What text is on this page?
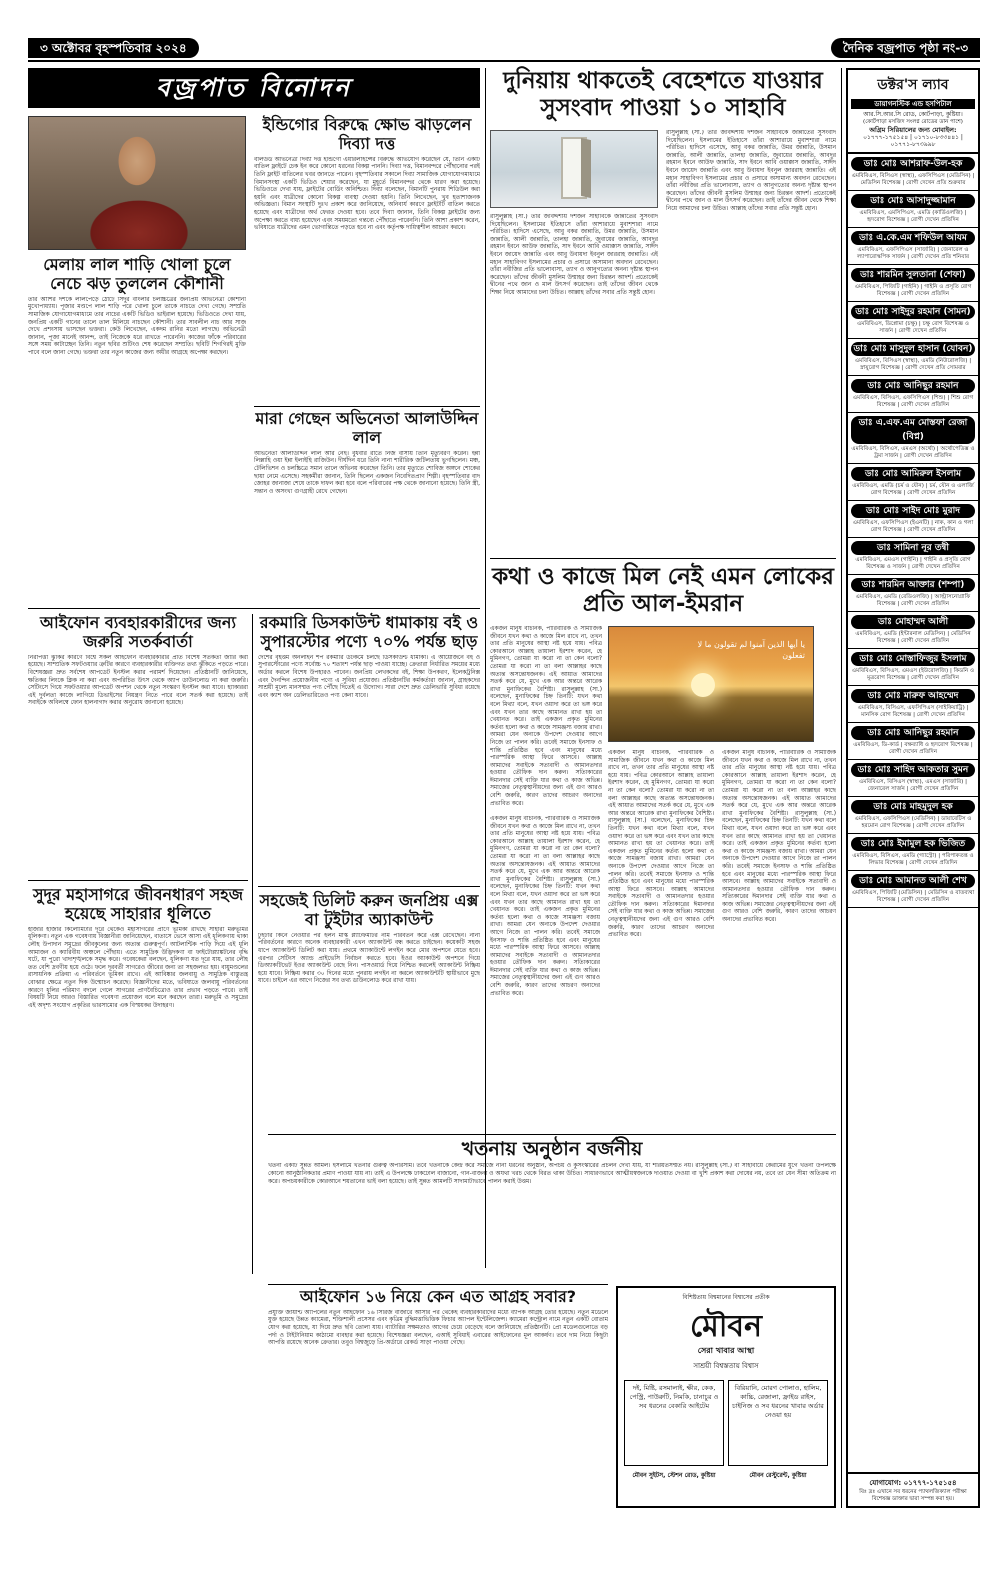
৩ অক্টোবর বৃহস্পতিবার ২০২৪	দৈনিক বজ্রপাত পৃষ্ঠা নং-৩
বজ্রপাত বিনোদন
ইন্ডিগোর বিরুদ্ধে ক্ষোভ ঝাড়লেন দিব্যা দত্ত
বলিউড অভিনেত্রী দিব্যা দত্ত ইন্ডিগো এয়ারলাইন্সের বিরুদ্ধে অভিযোগ করেছেন যে, তিনি একটি বাতিল ফ্লাইটে চেক ইন করে কোনো ধরনের বিকল্প পাননি। দিব্যা দত্ত, বিমানবন্দরে পৌঁছানোর পরই তিনি ফ্লাইট বাতিলের খবর জানতে পারেন। বৃহস্পতিবার সকালে দিব্যা সামাজিক যোগাযোগমাধ্যমে বিমানসংস্থা একটি ভিডিও শেয়ার করেছেন, যা মুহূর্তে বিমানবন্দর থেকে ধারণ করা হয়েছে। ভিডিওতে দেখা যায়, ফ্লাইটের বোর্ডিং অনিশ্চিত। দিব্যা বলেছেন, বিমানটি পুনরায় শিডিউল করা হয়নি এবং যাত্রীদের কোনো বিকল্প ব্যবস্থা দেওয়া হয়নি। তিনি লিখেছেন, খুব হতাশাজনক অভিজ্ঞতা। বিমান সংস্থাটি দুঃখ প্রকাশ করে জানিয়েছে, অনিবার্য কারণে ফ্লাইটটি বাতিল করতে হয়েছে এবং যাত্রীদের অর্থ ফেরত দেওয়া হবে। তবে দিব্যা জানান, তিনি বিকল্প ফ্লাইটের জন্য অপেক্ষা করতে বাধ্য হয়েছেন এবং সময়মতো গন্তব্যে পৌঁছাতে পারেননি। তিনি আশা প্রকাশ করেন, ভবিষ্যতে যাত্রীদের এমন ভোগান্তিতে পড়তে হবে না এবং কর্তৃপক্ষ দায়িত্বশীল আচরণ করবে।
মেলায় লাল শাড়ি খোলা চুলে নেচে ঝড় তুললেন কৌশানী
তার আশির দশকে লালপেড়ে ঠোঁটে সিঁদুর বাংলার চলচ্চিত্রের জনপ্রিয় অভিনেত্রী কৌশানী মুখোপাধ্যায়। পূজার মণ্ডপে লাল শাড়ি পরে খোলা চুলে তাকে নাচতে দেখা গেছে। সম্প্রতি সামাজিক যোগাযোগমাধ্যমে তার নাচের একটি ভিডিও ভাইরাল হয়েছে। ভিডিওতে দেখা যায়, জনপ্রিয় একটি গানের তালে তাল মিলিয়ে নাচছেন কৌশানী। তার সাবলীল নাচ আর সাজ দেখে প্রশংসায় ভাসছেন ভক্তরা। কেউ লিখেছেন, একদম রানির মতো লাগছে। অভিনেত্রী জানান, পূজা মানেই আনন্দ, তাই নিজেকে ধরে রাখতে পারেননি। কাজের ফাঁকে পরিবারের সঙ্গে সময় কাটাচ্ছেন তিনি। নতুন ছবির শুটিংও শেষ করেছেন সম্প্রতি। ছবিটি শিগগিরই মুক্তি পাবে বলে জানা গেছে। ভক্তরা তার নতুন কাজের জন্য অধীর আগ্রহে অপেক্ষা করছেন।
মারা গেছেন অভিনেতা আলাউদ্দিন লাল
অভিনেতা আলাউদ্দিন লাল আর নেই। বুধবার রাতে নিজ বাসায় তিনি মৃত্যুবরণ করেন। ইন্না লিল্লাহি ওয়া ইন্না ইলাইহি রাজিউন। দীর্ঘদিন ধরে তিনি নানা শারীরিক জটিলতায় ভুগছিলেন। মঞ্চ, টেলিভিশন ও চলচ্চিত্রে সমান তালে অভিনয় করেছেন তিনি। তার মৃত্যুতে শোবিজ অঙ্গনে শোকের ছায়া নেমে এসেছে। সহকর্মীরা জানান, তিনি ছিলেন একজন নিবেদিতপ্রাণ শিল্পী। বৃহস্পতিবার বাদ জোহর জানাজা শেষে তাকে দাফন করা হবে বলে পরিবারের পক্ষ থেকে জানানো হয়েছে। তিনি স্ত্রী, সন্তান ও অসংখ্য গুণগ্রাহী রেখে গেছেন।
আইফোন ব্যবহারকারীদের জন্য জরুরি সতর্কবার্তা
নিরাপত্তা ঝুঁকির কারণে বিশ্বে সকল আইফোন ব্যবহারকারীর প্রতি বিশেষ সতর্কতা জারি করা হয়েছে। সাম্প্রতিক সফটওয়্যার ত্রুটির কারণে ব্যবহারকারীর ব্যক্তিগত তথ্য ঝুঁকিতে পড়তে পারে। বিশেষজ্ঞরা দ্রুত সর্বশেষ আপডেট ইনস্টল করার পরামর্শ দিয়েছেন। প্রতিষ্ঠানটি জানিয়েছে, ক্ষতিকর লিংকে ক্লিক না করা এবং অপরিচিত উৎস থেকে অ্যাপ ডাউনলোড না করা জরুরি। সেটিংসে গিয়ে সফটওয়্যার আপডেট অপশন থেকে নতুন সংস্করণ ইনস্টল করা যাবে। হ্যাকাররা এই দুর্বলতা কাজে লাগিয়ে ডিভাইসের নিয়ন্ত্রণ নিতে পারে বলে সতর্ক করা হয়েছে। তাই সবাইকে অবিলম্বে ফোন হালনাগাদ করার অনুরোধ জানানো হয়েছে।
রকমারি ডিসকাউন্ট ধামাকায় বই ও সুপারস্টোর পণ্যে ৭০% পর্যন্ত ছাড়
দেশের বৃহত্তম অনলাইন শপ রকমারি ডটকমে চলছে ডিসকাউন্ট ধামাকা। এ আয়োজনে বই ও সুপারস্টোরের পণ্যে সর্বোচ্চ ৭০ শতাংশ পর্যন্ত ছাড় পাওয়া যাচ্ছে। ক্রেতারা নির্ধারিত সময়ের মধ্যে অর্ডার করলে বিশেষ উপহারও পাবেন। জনপ্রিয় লেখকদের বই, শিক্ষা উপকরণ, ইলেকট্রনিক্স এবং দৈনন্দিন প্রয়োজনীয় পণ্যে এ সুবিধা প্রযোজ্য। প্রতিষ্ঠানটির কর্মকর্তারা জানান, গ্রাহকদের সাশ্রয়ী মূল্যে মানসম্মত পণ্য পৌঁছে দিতেই এ উদ্যোগ। সারা দেশে দ্রুত ডেলিভারি সুবিধা রয়েছে এবং ক্যাশ অন ডেলিভারিতেও পণ্য কেনা যাবে।
সুদূর মহাসাগরে জীবনধারণ সহজ হয়েছে সাহারার ধূলিতে
হাজার হাজার কিলোমিটার দূরে থেকেও মহাসাগরের প্রাণে ভূমিকা রাখছে সাহারা মরুভূমির ধূলিকণা। নতুন এক গবেষণায় বিজ্ঞানীরা জানিয়েছেন, বাতাসে ভেসে আসা এই ধূলিকণায় থাকা লৌহ উপাদান সমুদ্রের জীবকুলের জন্য অত্যন্ত গুরুত্বপূর্ণ। আটলান্টিক পাড়ি দিয়ে এই ধূলি আমাজন ও ক্যারিবীয় অঞ্চলে পৌঁছায়। এতে সামুদ্রিক উদ্ভিদকণা বা ফাইটোপ্ল্যাঙ্কটনের বৃদ্ধি ঘটে, যা পুরো খাদ্যশৃঙ্খলকে সমৃদ্ধ করে। গবেষকেরা বলছেন, ধূলিকণা যত দূরে যায়, তার লৌহ তত বেশি দ্রবণীয় হয়ে ওঠে। ফলে দূরবর্তী সাগরেও জীবের জন্য তা সহজলভ্য হয়। বায়ুমণ্ডলের রাসায়নিক প্রক্রিয়া এ পরিবর্তনে ভূমিকা রাখে। এই আবিষ্কার জলবায়ু ও সামুদ্রিক বাস্তুতন্ত্র বোঝার ক্ষেত্রে নতুন দিক উন্মোচন করেছে। বিজ্ঞানীদের মতে, ভবিষ্যতে জলবায়ু পরিবর্তনের কারণে ধূলির পরিমাণ বদলে গেলে সাগরের প্রাণবৈচিত্র্যেও তার প্রভাব পড়তে পারে। তাই বিষয়টি নিয়ে আরও বিস্তারিত গবেষণা প্রয়োজন বলে মনে করছেন তারা। মরুভূমি ও সমুদ্রের এই অদৃশ্য সংযোগ প্রকৃতির ভারসাম্যের এক বিস্ময়কর উদাহরণ।
সহজেই ডিলিট করুন জনপ্রিয় এক্স বা টুইটার অ্যাকাউন্ট
টুইটার কিনে নেওয়ার পর ইলন মাস্ক প্ল্যাটফর্মটির নাম পরিবর্তন করে এক্স রেখেছেন। নানা পরিবর্তনের কারণে অনেক ব্যবহারকারী এখন অ্যাকাউন্ট বন্ধ করতে চাইছেন। কয়েকটি সহজ ধাপে অ্যাকাউন্ট ডিলিট করা যায়। প্রথমে অ্যাকাউন্টে লগইন করে মোর অপশনে যেতে হবে। এরপর সেটিংস অ্যান্ড প্রাইভেসি নির্বাচন করতে হবে। ইওর অ্যাকাউন্ট অপশনে গিয়ে ডিঅ্যাকটিভেট ইওর অ্যাকাউন্ট বেছে নিন। পাসওয়ার্ড দিয়ে নিশ্চিত করলেই অ্যাকাউন্ট নিষ্ক্রিয় হয়ে যাবে। নিষ্ক্রিয় করার ৩০ দিনের মধ্যে পুনরায় লগইন না করলে অ্যাকাউন্টটি স্থায়ীভাবে মুছে যাবে। চাইলে এর আগে নিজের সব তথ্য ডাউনলোড করে রাখা যায়।
দুনিয়ায় থাকতেই বেহেশতে যাওয়ার সুসংবাদ পাওয়া ১০ সাহাবি
রাসুলুল্লাহ (সা.) তাঁর জীবদ্দশায় দশজন সাহাবিকে জান্নাতের সুসংবাদ দিয়েছিলেন। ইসলামের ইতিহাসে তাঁরা আশারায়ে মুবাশশারা নামে পরিচিত। হাদিসে এসেছে, আবু বকর জান্নাতি, উমর জান্নাতি, উসমান জান্নাতি, আলী জান্নাতি, তালহা জান্নাতি, জুবায়ের জান্নাতি, আবদুর রহমান ইবনে আউফ জান্নাতি, সাদ ইবনে আবি ওয়াক্কাস জান্নাতি, সাঈদ ইবনে জায়েদ জান্নাতি এবং আবু উবায়দা ইবনুল জাররাহ জান্নাতি। এই মহান সাহাবিগণ ইসলামের প্রচার ও প্রসারে অসামান্য অবদান রেখেছেন। তাঁরা নবীজির প্রতি ভালোবাসা, ত্যাগ ও আনুগত্যের অনন্য দৃষ্টান্ত স্থাপন করেছেন। তাঁদের জীবনী মুসলিম উম্মাহর জন্য চিরন্তন আদর্শ। প্রত্যেকেই দ্বীনের পথে জান ও মাল উৎসর্গ করেছেন। তাই তাঁদের জীবন থেকে শিক্ষা নিয়ে আমাদের চলা উচিত। আল্লাহ তাঁদের সবার প্রতি সন্তুষ্ট হোন।
রাসুলুল্লাহ (সা.) তাঁর জীবদ্দশায় দশজন সাহাবিকে জান্নাতের সুসংবাদ দিয়েছিলেন। ইসলামের ইতিহাসে তাঁরা আশারায়ে মুবাশশারা নামে পরিচিত। হাদিসে এসেছে, আবু বকর জান্নাতি, উমর জান্নাতি, উসমান জান্নাতি, আলী জান্নাতি, তালহা জান্নাতি, জুবায়ের জান্নাতি, আবদুর রহমান ইবনে আউফ জান্নাতি, সাদ ইবনে আবি ওয়াক্কাস জান্নাতি, সাঈদ ইবনে জায়েদ জান্নাতি এবং আবু উবায়দা ইবনুল জাররাহ জান্নাতি। এই মহান সাহাবিগণ ইসলামের প্রচার ও প্রসারে অসামান্য অবদান রেখেছেন। তাঁরা নবীজির প্রতি ভালোবাসা, ত্যাগ ও আনুগত্যের অনন্য দৃষ্টান্ত স্থাপন করেছেন। তাঁদের জীবনী মুসলিম উম্মাহর জন্য চিরন্তন আদর্শ। প্রত্যেকেই দ্বীনের পথে জান ও মাল উৎসর্গ করেছেন। তাই তাঁদের জীবন থেকে শিক্ষা নিয়ে আমাদের চলা উচিত। আল্লাহ তাঁদের সবার প্রতি সন্তুষ্ট হোন।
কথা ও কাজে মিল নেই এমন লোকের প্রতি আল-ইমরান
একজন মানুষ বাচনিক, পারিবারিক ও সামাজিক জীবনে যখন কথা ও কাজে মিল রাখে না, তখন তার প্রতি মানুষের আস্থা নষ্ট হয়ে যায়। পবিত্র কোরআনে আল্লাহ তায়ালা ইরশাদ করেন, হে মুমিনগণ, তোমরা যা করো না তা কেন বলো? তোমরা যা করো না তা বলা আল্লাহর কাছে অত্যন্ত অসন্তোষজনক। এই আয়াত আমাদের সতর্ক করে যে, মুখে এক আর অন্তরে আরেক রাখা মুনাফিকের বৈশিষ্ট্য। রাসুলুল্লাহ (সা.) বলেছেন, মুনাফিকের চিহ্ন তিনটি: যখন কথা বলে মিথ্যা বলে, যখন ওয়াদা করে তা ভঙ্গ করে এবং যখন তার কাছে আমানত রাখা হয় তা খেয়ানত করে। তাই একজন প্রকৃত মুমিনের কর্তব্য হলো কথা ও কাজে সামঞ্জস্য বজায় রাখা। আমরা যেন অন্যকে উপদেশ দেওয়ার আগে নিজে তা পালন করি। তবেই সমাজে ইনসাফ ও শান্তি প্রতিষ্ঠিত হবে এবং মানুষের মধ্যে পারস্পরিক আস্থা ফিরে আসবে। আল্লাহ আমাদের সবাইকে সত্যবাদী ও আমানতদার হওয়ার তৌফিক দান করুন। সত্যিকারের ঈমানদার সেই ব্যক্তি যার কথা ও কাজ অভিন্ন। সমাজের নেতৃত্বস্থানীয়দের জন্য এই গুণ আরও বেশি জরুরি, কারণ তাদের আচরণ অন্যদের প্রভাবিত করে।
يا أيها الذين آمنوا لم تقولون ما لا تفعلون
একজন মানুষ বাচনিক, পারিবারিক ও সামাজিক জীবনে যখন কথা ও কাজে মিল রাখে না, তখন তার প্রতি মানুষের আস্থা নষ্ট হয়ে যায়। পবিত্র কোরআনে আল্লাহ তায়ালা ইরশাদ করেন, হে মুমিনগণ, তোমরা যা করো না তা কেন বলো? তোমরা যা করো না তা বলা আল্লাহর কাছে অত্যন্ত অসন্তোষজনক। এই আয়াত আমাদের সতর্ক করে যে, মুখে এক আর অন্তরে আরেক রাখা মুনাফিকের বৈশিষ্ট্য। রাসুলুল্লাহ (সা.) বলেছেন, মুনাফিকের চিহ্ন তিনটি: যখন কথা বলে মিথ্যা বলে, যখন ওয়াদা করে তা ভঙ্গ করে এবং যখন তার কাছে আমানত রাখা হয় তা খেয়ানত করে। তাই একজন প্রকৃত মুমিনের কর্তব্য হলো কথা ও কাজে সামঞ্জস্য বজায় রাখা। আমরা যেন অন্যকে উপদেশ দেওয়ার আগে নিজে তা পালন করি। তবেই সমাজে ইনসাফ ও শান্তি প্রতিষ্ঠিত হবে এবং মানুষের মধ্যে পারস্পরিক আস্থা ফিরে আসবে। আল্লাহ আমাদের সবাইকে সত্যবাদী ও আমানতদার হওয়ার তৌফিক দান করুন। সত্যিকারের ঈমানদার সেই ব্যক্তি যার কথা ও কাজ অভিন্ন। সমাজের নেতৃত্বস্থানীয়দের জন্য এই গুণ আরও বেশি জরুরি, কারণ তাদের আচরণ অন্যদের প্রভাবিত করে।
একজন মানুষ বাচনিক, পারিবারিক ও সামাজিক জীবনে যখন কথা ও কাজে মিল রাখে না, তখন তার প্রতি মানুষের আস্থা নষ্ট হয়ে যায়। পবিত্র কোরআনে আল্লাহ তায়ালা ইরশাদ করেন, হে মুমিনগণ, তোমরা যা করো না তা কেন বলো? তোমরা যা করো না তা বলা আল্লাহর কাছে অত্যন্ত অসন্তোষজনক। এই আয়াত আমাদের সতর্ক করে যে, মুখে এক আর অন্তরে আরেক রাখা মুনাফিকের বৈশিষ্ট্য। রাসুলুল্লাহ (সা.) বলেছেন, মুনাফিকের চিহ্ন তিনটি: যখন কথা বলে মিথ্যা বলে, যখন ওয়াদা করে তা ভঙ্গ করে এবং যখন তার কাছে আমানত রাখা হয় তা খেয়ানত করে। তাই একজন প্রকৃত মুমিনের কর্তব্য হলো কথা ও কাজে সামঞ্জস্য বজায় রাখা। আমরা যেন অন্যকে উপদেশ দেওয়ার আগে নিজে তা পালন করি। তবেই সমাজে ইনসাফ ও শান্তি প্রতিষ্ঠিত হবে এবং মানুষের মধ্যে পারস্পরিক আস্থা ফিরে আসবে। আল্লাহ আমাদের সবাইকে সত্যবাদী ও আমানতদার হওয়ার তৌফিক দান করুন। সত্যিকারের ঈমানদার সেই ব্যক্তি যার কথা ও কাজ অভিন্ন। সমাজের নেতৃত্বস্থানীয়দের জন্য এই গুণ আরও বেশি জরুরি, কারণ তাদের আচরণ অন্যদের প্রভাবিত করে।
একজন মানুষ বাচনিক, পারিবারিক ও সামাজিক জীবনে যখন কথা ও কাজে মিল রাখে না, তখন তার প্রতি মানুষের আস্থা নষ্ট হয়ে যায়। পবিত্র কোরআনে আল্লাহ তায়ালা ইরশাদ করেন, হে মুমিনগণ, তোমরা যা করো না তা কেন বলো? তোমরা যা করো না তা বলা আল্লাহর কাছে অত্যন্ত অসন্তোষজনক। এই আয়াত আমাদের সতর্ক করে যে, মুখে এক আর অন্তরে আরেক রাখা মুনাফিকের বৈশিষ্ট্য। রাসুলুল্লাহ (সা.) বলেছেন, মুনাফিকের চিহ্ন তিনটি: যখন কথা বলে মিথ্যা বলে, যখন ওয়াদা করে তা ভঙ্গ করে এবং যখন তার কাছে আমানত রাখা হয় তা খেয়ানত করে। তাই একজন প্রকৃত মুমিনের কর্তব্য হলো কথা ও কাজে সামঞ্জস্য বজায় রাখা। আমরা যেন অন্যকে উপদেশ দেওয়ার আগে নিজে তা পালন করি। তবেই সমাজে ইনসাফ ও শান্তি প্রতিষ্ঠিত হবে এবং মানুষের মধ্যে পারস্পরিক আস্থা ফিরে আসবে। আল্লাহ আমাদের সবাইকে সত্যবাদী ও আমানতদার হওয়ার তৌফিক দান করুন। সত্যিকারের ঈমানদার সেই ব্যক্তি যার কথা ও কাজ অভিন্ন। সমাজের নেতৃত্বস্থানীয়দের জন্য এই গুণ আরও বেশি জরুরি, কারণ তাদের আচরণ অন্যদের প্রভাবিত করে।
খতনায় অনুষ্ঠান বর্জনীয়
খতনা একটি সুন্নত আমল। ইসলামে খতনার গুরুত্ব অপরিসীম। তবে খতনাকে কেন্দ্র করে সমাজে নানা ধরনের অনুষ্ঠান, অপচয় ও কুসংস্কারের প্রচলন দেখা যায়, যা শরিয়তসম্মত নয়। রাসুলুল্লাহ (সা.) বা সাহাবায়ে কেরামের যুগে খতনা উপলক্ষে কোনো আনুষ্ঠানিকতার প্রমাণ পাওয়া যায় না। তাই এ উপলক্ষে ঢাকঢোল বাজানো, গান-বাজনা ও অযথা খরচ থেকে বিরত থাকা উচিত। সাধারণভাবে আত্মীয়স্বজনকে দাওয়াত দেওয়া বা খুশি প্রকাশ করা দোষের নয়, তবে তা যেন সীমা অতিক্রম না করে। অপচয়কারীকে কোরআনে শয়তানের ভাই বলা হয়েছে। তাই সুন্নত আমলটি সাদামাটাভাবে পালন করাই উত্তম।
আইফোন ১৬ নিয়ে কেন এত আগ্রহ সবার?
প্রযুক্তি জায়ান্ট অ্যাপলের নতুন আইফোন ১৬ সিরিজ বাজারে আসার পর থেকেই ব্যবহারকারীদের মধ্যে ব্যাপক আগ্রহ তৈরি হয়েছে। নতুন মডেলে যুক্ত হয়েছে উন্নত ক্যামেরা, শক্তিশালী প্রসেসর এবং কৃত্রিম বুদ্ধিমত্তাভিত্তিক ফিচার অ্যাপল ইন্টেলিজেন্স। ক্যামেরা কন্ট্রোল নামে নতুন একটি বোতাম যোগ করা হয়েছে, যা দিয়ে দ্রুত ছবি তোলা যায়। ব্যাটারির সক্ষমতাও আগের চেয়ে বেড়েছে বলে জানিয়েছে প্রতিষ্ঠানটি। প্রো মডেলগুলোতে বড় পর্দা ও টাইটানিয়াম কাঠামো ব্যবহার করা হয়েছে। বিশেষজ্ঞরা বলছেন, এআই সুবিধাই এবারের আইফোনের মূল আকর্ষণ। তবে দাম নিয়ে কিছুটা আপত্তি রয়েছে অনেক ক্রেতার। তবুও বিশ্বজুড়ে প্রি-অর্ডারে রেকর্ড সাড়া পাওয়া গেছে।
বিশিষ্টতায় বিশ্বমানের বিশ্বাসের প্রতীক
মৌবন
সেরা খাবার আস্থা
সাশ্রয়ী বিশ্বস্ততায় বিশ্বাস
দই, মিষ্টি, রসমালাই, ক্ষীর, কেক, পেস্ট্রি, পাউরুটি, নিমকি, চানাচুর ও সব ধরনের বেকারি আইটেম
বিরিয়ানি, মোরগ পোলাও, হালিম, কাচ্চি, রেজালা, ফ্রাইড রাইস, চাইনিজ ও সব ধরনের খাবার অর্ডার নেওয়া হয়
মৌবন সুইটস, স্টেশন রোড, কুষ্টিয়া	মৌবন রেস্টুরেন্ট, কুষ্টিয়া
ডক্টর'স ল্যাব
ডায়াগনস্টিক এন্ড হসপিটাল
আর.সি.আর.সি রোড, কোর্টপাড়া, কুষ্টিয়া।
(কোর্টপাড়া মসজিদ সংলগ্ন রোডের ডান পাশে)
অগ্রিম সিরিয়ালের জন্য মোবাইল:
০১৭৭৭-১৭৫১৫৪ | ০১৭১০-৮৩৩৪৪১ | ০১৭৭১-৮৭৩৯৯৮
ডাঃ মোঃ আশরাফ-উল-হক
এমবিবিএস, বিসিএস (স্বাস্থ্য), এফসিপিএস (মেডিসিন) | মেডিসিন বিশেষজ্ঞ | রোগী দেখেন প্রতি শুক্রবার
ডাঃ মোঃ আসাদুজ্জামান
এমবিবিএস, এমসিপিএস, এমডি (কার্ডিওলজি) | হৃদরোগ বিশেষজ্ঞ | রোগী দেখেন প্রতিদিন
ডাঃ এ.কে.এম শফিউল আযম
এমবিবিএস, এফসিপিএস (সার্জারি) | জেনারেল ও ল্যাপারোস্কপিক সার্জন | রোগী দেখেন প্রতি শনিবার
ডাঃ শারমিন সুলতানা (শেফা)
এমবিবিএস, পিজিটি (গাইনি) | গাইনি ও প্রসূতি রোগ বিশেষজ্ঞ | রোগী দেখেন প্রতিদিন
ডাঃ মোঃ সাইদুর রহমান (সামন)
এমবিবিএস, ডিপ্লোমা (চক্ষু) | চক্ষু রোগ বিশেষজ্ঞ ও সার্জন | রোগী দেখেন প্রতিদিন
ডাঃ মোঃ মাসুদুল হাসান (যোবন)
এমবিবিএস, বিসিএস (স্বাস্থ্য), এমডি (নিউরোলজি) | স্নায়ুরোগ বিশেষজ্ঞ | রোগী দেখেন প্রতি সোমবার
ডাঃ মোঃ আনিছুর রহমান
এমবিবিএস, বিসিএস, এফসিপিএস (শিশু) | শিশু রোগ বিশেষজ্ঞ | রোগী দেখেন প্রতিদিন
ডাঃ এ.এফ.এম মোস্তফা রেজা (বিপ্ন)
এমবিবিএস, বিসিএস, এমএস (অর্থো) | অর্থোপেডিক্স ও ট্রমা সার্জন | রোগী দেখেন প্রতিদিন
ডাঃ মোঃ আমিরুল ইসলাম
এমবিবিএস, এমডি (চর্ম ও যৌন) | চর্ম, যৌন ও এলার্জি রোগ বিশেষজ্ঞ | রোগী দেখেন প্রতিদিন
ডাঃ মোঃ সাইদ মোঃ মুরাদ
এমবিবিএস, এফসিপিএস (ইএনটি) | নাক, কান ও গলা রোগ বিশেষজ্ঞ | রোগী দেখেন প্রতিদিন
ডাঃ সামিনা নূর তন্বী
এমবিবিএস, এমএস (গাইনি) | গাইনি ও প্রসূতি রোগ বিশেষজ্ঞ ও সার্জন | রোগী দেখেন প্রতিদিন
ডাঃ শারমিন আক্তার (শম্পা)
এমবিবিএস, এমডি (রেডিওলজি) | আল্ট্রাসনোগ্রাফি বিশেষজ্ঞ | রোগী দেখেন প্রতিদিন
ডাঃ মোহাম্মদ আলী
এমবিবিএস, এমডি (ইন্টারনাল মেডিসিন) | মেডিসিন বিশেষজ্ঞ | রোগী দেখেন প্রতিদিন
ডাঃ মোঃ মোস্তাফিজুর ইসলাম
এমবিবিএস, বিসিএস, এমএস (ইউরোলজি) | কিডনি ও মূত্ররোগ বিশেষজ্ঞ | রোগী দেখেন প্রতিদিন
ডাঃ মোঃ মারুফ আহম্মেদ
এমবিবিএস, বিসিএস, এফসিপিএস (সাইকিয়াট্রি) | মানসিক রোগ বিশেষজ্ঞ | রোগী দেখেন প্রতিদিন
ডাঃ মোঃ আনিছুর রহমান
এমবিবিএস, ডি-কার্ড | বক্ষব্যাধি ও হৃদরোগ বিশেষজ্ঞ | রোগী দেখেন প্রতিদিন
ডাঃ মোঃ সাহিদ আকতার সুমন
এমবিবিএস, বিসিএস (স্বাস্থ্য), এমএস (সার্জারি) | জেনারেল সার্জন | রোগী দেখেন প্রতিদিন
ডাঃ মোঃ মাহমুদুল হক
এমবিবিএস, এফসিপিএস (মেডিসিন) | ডায়াবেটিস ও হরমোন রোগ বিশেষজ্ঞ | রোগী দেখেন প্রতিদিন
ডাঃ মোঃ ইমামুল হক ভিজিত
এমবিবিএস, বিসিএস, এমডি (গ্যাস্ট্রো) | পরিপাকতন্ত্র ও লিভার বিশেষজ্ঞ | রোগী দেখেন প্রতিদিন
ডাঃ মোঃ আমানত আলী শেখ
এমবিবিএস, পিজিটি (মেডিসিন) | মেডিসিন ও বাতব্যথা বিশেষজ্ঞ | রোগী দেখেন প্রতিদিন
যোগাযোগ: ০১৭৭৭-১৭৫১৫৪
বিঃ দ্রঃ এখানে সব ধরনের প্যাথলজিক্যাল পরীক্ষা বিশেষজ্ঞ ডাক্তার দ্বারা সম্পন্ন করা হয়।
